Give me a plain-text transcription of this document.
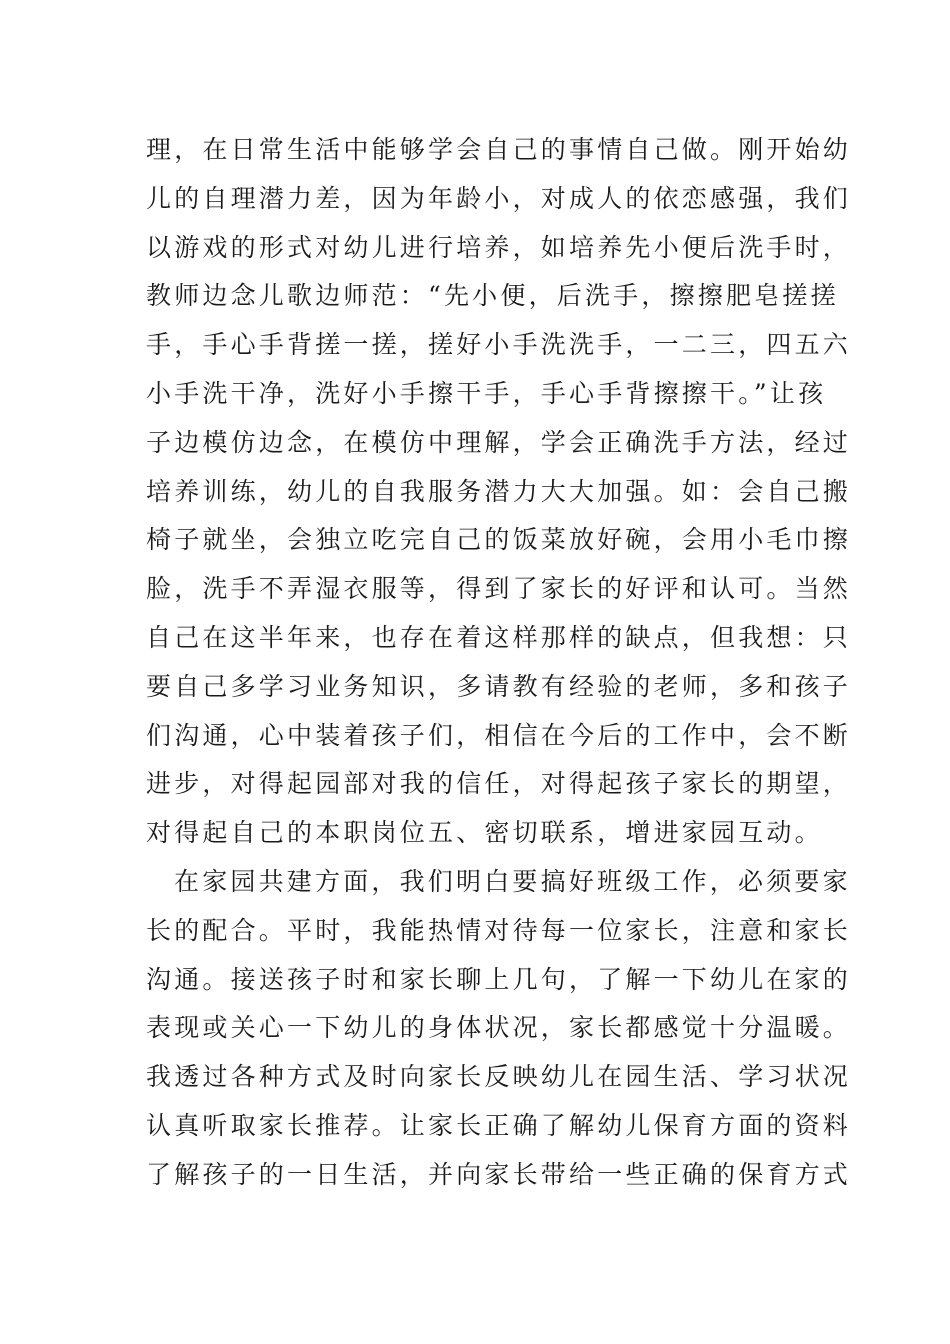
理，在日常生活中能够学会自己的事情自己做。刚开始幼
儿的自理潜力差，因为年龄小，对成人的依恋感强，我们
以游戏的形式对幼儿进行培养，如培养先小便后洗手时，
教师边念儿歌边师范：“先小便，后洗手，擦擦肥皂搓搓
手，手心手背搓一搓，搓好小手洗洗手，一二三，四五六
小手洗干净，洗好小手擦干手，手心手背擦擦干。”让孩
子边模仿边念，在模仿中理解，学会正确洗手方法，经过
培养训练，幼儿的自我服务潜力大大加强。如：会自己搬
椅子就坐，会独立吃完自己的饭菜放好碗，会用小毛巾擦
脸，洗手不弄湿衣服等，得到了家长的好评和认可。当然
自己在这半年来，也存在着这样那样的缺点，但我想：只
要自己多学习业务知识，多请教有经验的老师，多和孩子
们沟通，心中装着孩子们，相信在今后的工作中，会不断
进步，对得起园部对我的信任，对得起孩子家长的期望，
对得起自己的本职岗位五、密切联系，增进家园互动。
在家园共建方面，我们明白要搞好班级工作，必须要家
长的配合。平时，我能热情对待每一位家长，注意和家长
沟通。接送孩子时和家长聊上几句，了解一下幼儿在家的
表现或关心一下幼儿的身体状况，家长都感觉十分温暖。
我透过各种方式及时向家长反映幼儿在园生活、学习状况
认真听取家长推荐。让家长正确了解幼儿保育方面的资料
了解孩子的一日生活，并向家长带给一些正确的保育方式
